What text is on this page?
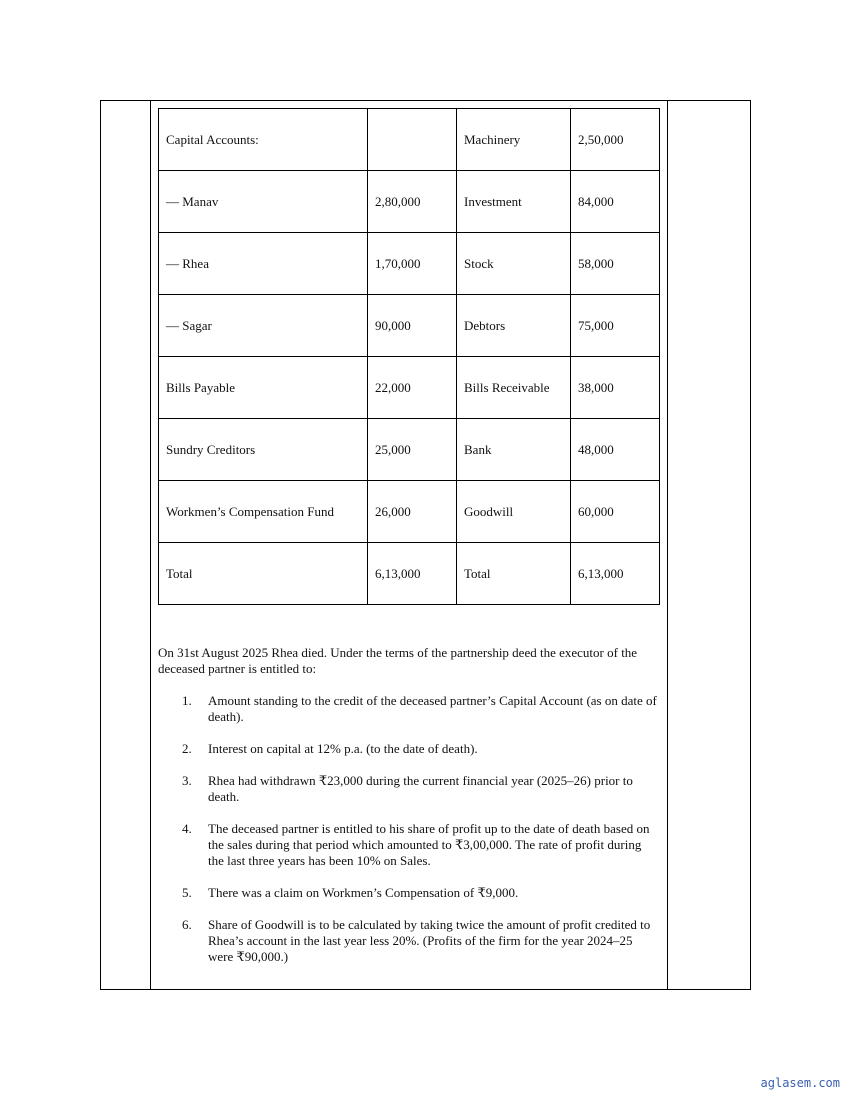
Capital Accounts:		Machinery	2,50,000
— Manav	2,80,000	Investment	84,000
— Rhea	1,70,000	Stock	58,000
— Sagar	90,000	Debtors	75,000
Bills Payable	22,000	Bills Receivable	38,000
Sundry Creditors	25,000	Bank	48,000
Workmen’s Compensation Fund	26,000	Goodwill	60,000
Total	6,13,000	Total	6,13,000

On 31st August 2025 Rhea died. Under the terms of the partnership deed the executor of the deceased partner is entitled to:

1. Amount standing to the credit of the deceased partner’s Capital Account (as on date of death).
2. Interest on capital at 12% p.a. (to the date of death).
3. Rhea had withdrawn ₹23,000 during the current financial year (2025–26) prior to death.
4. The deceased partner is entitled to his share of profit up to the date of death based on the sales during that period which amounted to ₹3,00,000. The rate of profit during the last three years has been 10% on Sales.
5. There was a claim on Workmen’s Compensation of ₹9,000.
6. Share of Goodwill is to be calculated by taking twice the amount of profit credited to Rhea’s account in the last year less 20%. (Profits of the firm for the year 2024–25 were ₹90,000.)
aglasem.com
